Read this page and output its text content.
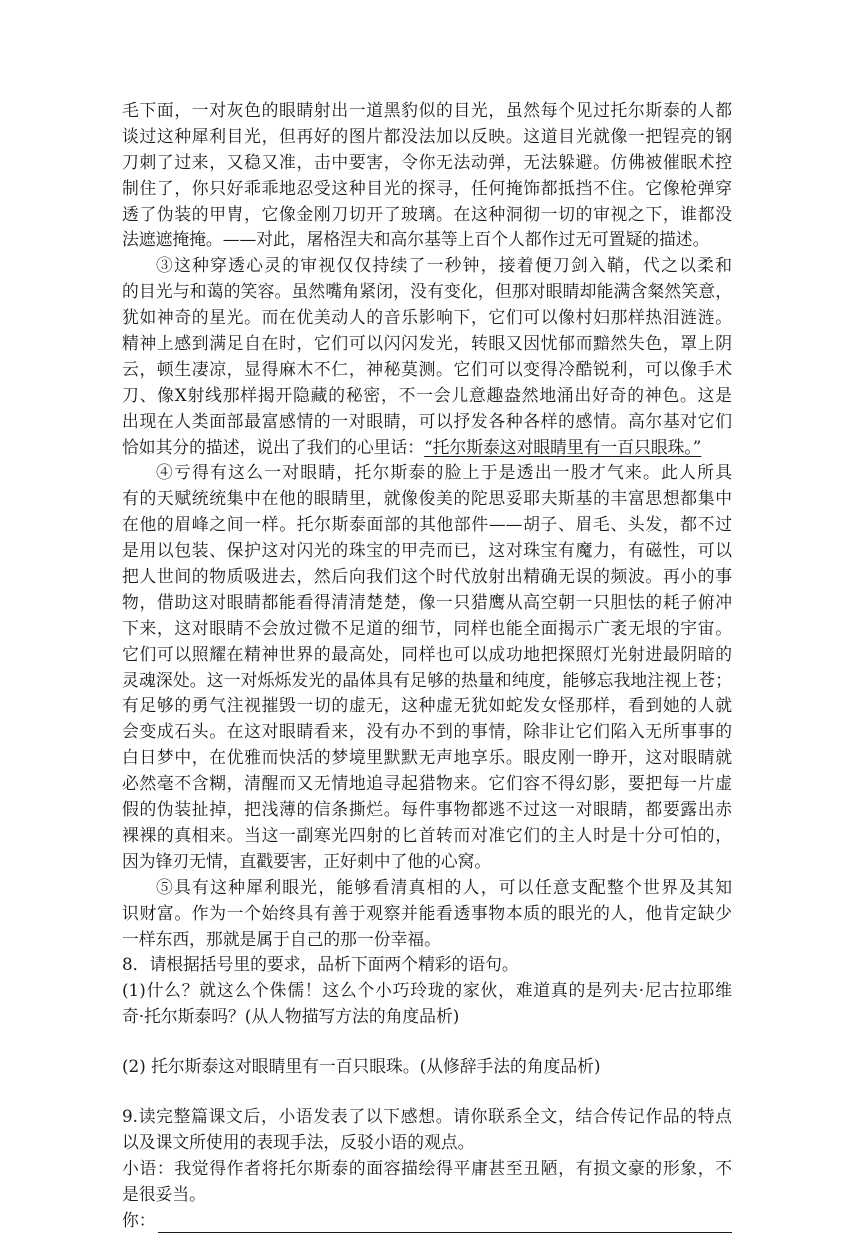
毛下面，一对灰色的眼睛射出一道黑豹似的目光，虽然每个见过托尔斯泰的人都
谈过这种犀利目光，但再好的图片都没法加以反映。这道目光就像一把锃亮的钢
刀刺了过来，又稳又准，击中要害，令你无法动弹，无法躲避。仿佛被催眠术控
制住了，你只好乖乖地忍受这种目光的探寻，任何掩饰都抵挡不住。它像枪弹穿
透了伪装的甲胄，它像金刚刀切开了玻璃。在这种洞彻一切的审视之下，谁都没
法遮遮掩掩。——对此，屠格涅夫和高尔基等上百个人都作过无可置疑的描述。
③这种穿透心灵的审视仅仅持续了一秒钟，接着便刀剑入鞘，代之以柔和
的目光与和蔼的笑容。虽然嘴角紧闭，没有变化，但那对眼睛却能满含粲然笑意，
犹如神奇的星光。而在优美动人的音乐影响下，它们可以像村妇那样热泪涟涟。
精神上感到满足自在时，它们可以闪闪发光，转眼又因忧郁而黯然失色，罩上阴
云，顿生凄凉，显得麻木不仁，神秘莫测。它们可以变得冷酷锐利，可以像手术
刀、像X射线那样揭开隐藏的秘密，不一会儿意趣盎然地涌出好奇的神色。这是
出现在人类面部最富感情的一对眼睛，可以抒发各种各样的感情。高尔基对它们
恰如其分的描述，说出了我们的心里话：“托尔斯泰这对眼睛里有一百只眼珠。”
④亏得有这么一对眼睛，托尔斯泰的脸上于是透出一股才气来。此人所具
有的天赋统统集中在他的眼睛里，就像俊美的陀思妥耶夫斯基的丰富思想都集中
在他的眉峰之间一样。托尔斯泰面部的其他部件——胡子、眉毛、头发，都不过
是用以包装、保护这对闪光的珠宝的甲壳而已，这对珠宝有魔力，有磁性，可以
把人世间的物质吸进去，然后向我们这个时代放射出精确无误的频波。再小的事
物，借助这对眼睛都能看得清清楚楚，像一只猎鹰从高空朝一只胆怯的耗子俯冲
下来，这对眼睛不会放过微不足道的细节，同样也能全面揭示广袤无垠的宇宙。
它们可以照耀在精神世界的最高处，同样也可以成功地把探照灯光射进最阴暗的
灵魂深处。这一对烁烁发光的晶体具有足够的热量和纯度，能够忘我地注视上苍；
有足够的勇气注视摧毁一切的虚无，这种虚无犹如蛇发女怪那样，看到她的人就
会变成石头。在这对眼睛看来，没有办不到的事情，除非让它们陷入无所事事的
白日梦中，在优雅而快活的梦境里默默无声地享乐。眼皮刚一睁开，这对眼睛就
必然毫不含糊，清醒而又无情地追寻起猎物来。它们容不得幻影，要把每一片虚
假的伪装扯掉，把浅薄的信条撕烂。每件事物都逃不过这一对眼睛，都要露出赤
裸裸的真相来。当这一副寒光四射的匕首转而对准它们的主人时是十分可怕的，
因为锋刃无情，直戳要害，正好刺中了他的心窝。
⑤具有这种犀利眼光，能够看清真相的人，可以任意支配整个世界及其知
识财富。作为一个始终具有善于观察并能看透事物本质的眼光的人，他肯定缺少
一样东西，那就是属于自己的那一份幸福。
8．请根据括号里的要求，品析下面两个精彩的语句。
(1)什么？就这么个侏儒！这么个小巧玲珑的家伙，难道真的是列夫·尼古拉耶维
奇·托尔斯泰吗？(从人物描写方法的角度品析)
(2) 托尔斯泰这对眼睛里有一百只眼珠。(从修辞手法的角度品析)
9.读完整篇课文后，小语发表了以下感想。请你联系全文，结合传记作品的特点
以及课文所使用的表现手法，反驳小语的观点。
小语：我觉得作者将托尔斯泰的面容描绘得平庸甚至丑陋，有损文豪的形象，不
是很妥当。
你：
